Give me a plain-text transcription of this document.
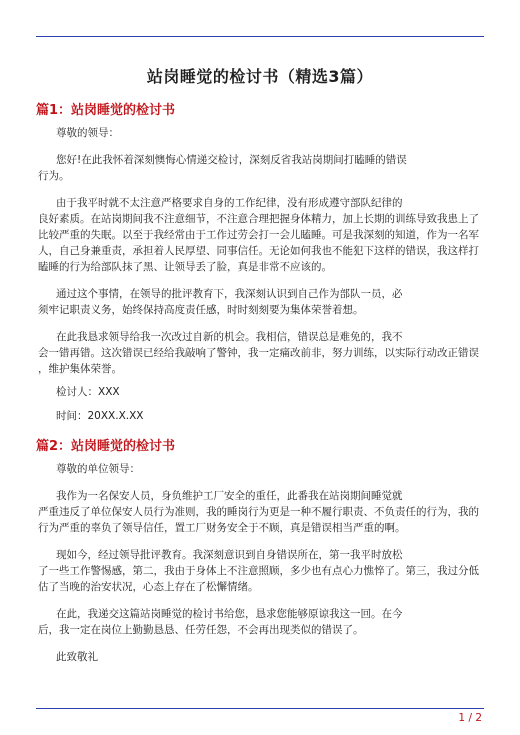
站岗睡觉的检讨书（精选3篇）
篇1：站岗睡觉的检讨书
尊敬的领导：
您好!在此我怀着深刻懊悔心情递交检讨，深刻反省我站岗期间打瞌睡的错误
行为。
由于我平时就不太注意严格要求自身的工作纪律，没有形成遵守部队纪律的
良好素质。在站岗期间我不注意细节，不注意合理把握身体精力，加上长期的训练导致我患上了
比较严重的失眠。以至于我经常由于工作过劳会打一会儿瞌睡。可是我深刻的知道，作为一名军
人，自己身兼重责，承担着人民厚望、同事信任。无论如何我也不能犯下这样的错误，我这样打
瞌睡的行为给部队抹了黑、让领导丢了脸，真是非常不应该的。
通过这个事情，在领导的批评教育下，我深刻认识到自己作为部队一员，必
须牢记职责义务，始终保持高度责任感，时时刻刻要为集体荣誉着想。
在此我恳求领导给我一次改过自新的机会。我相信，错误总是难免的，我不
会一错再错。这次错误已经给我敲响了警钟，我一定痛改前非，努力训练，以实际行动改正错误
，维护集体荣誉。
检讨人：XXX
时间：20XX.X.XX
篇2：站岗睡觉的检讨书
尊敬的单位领导：
我作为一名保安人员，身负维护工厂安全的重任，此番我在站岗期间睡觉就
严重违反了单位保安人员行为准则，我的睡岗行为更是一种不履行职责、不负责任的行为，我的
行为严重的辜负了领导信任，置工厂财务安全于不顾，真是错误相当严重的啊。
现如今，经过领导批评教育。我深刻意识到自身错误所在，第一我平时放松
了一些工作警惕感，第二，我由于身体上不注意照顾，多少也有点心力憔悴了。第三，我过分低
估了当晚的治安状况，心态上存在了松懈情绪。
在此，我递交这篇站岗睡觉的检讨书给您，恳求您能够原谅我这一回。在今
后，我一定在岗位上勤勤恳恳、任劳任怨，不会再出现类似的错误了。
此致敬礼
1 / 2
